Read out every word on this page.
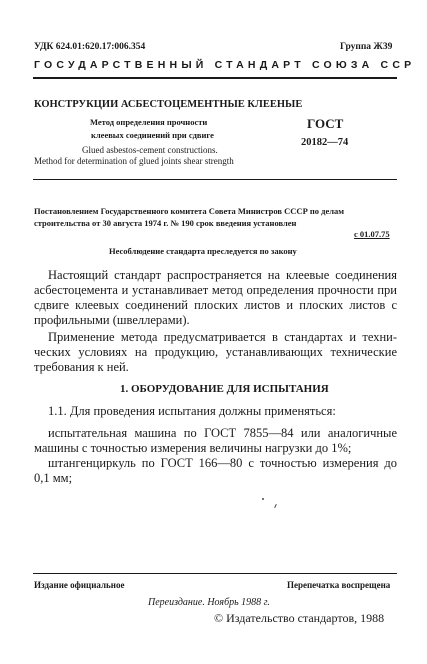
УДК 624.01:620.17:006.354	Группа Ж39
ГОСУДАРСТВЕННЫЙ СТАНДАРТ СОЮЗА ССР
КОНСТРУКЦИИ АСБЕСТОЦЕМЕНТНЫЕ КЛЕЕНЫЕ
Метод определения прочности
клеевых соединений при сдвиге
Glued asbestos-cement constructions.
Method for determination of glued joints shear strength
ГОСТ
20182—74
Постановлением Государственного комитета Совета Министров СССР по делам
строительства от 30 августа 1974 г. № 190 срок введения установлен
с 01.07.75
Несоблюдение стандарта преследуется по закону
Настоящий стандарт распространяется на клеевые соединения
асбестоцемента и устанавливает метод определения прочности при
сдвиге клеевых соединений плоских листов и плоских листов с
профильными (швеллерами).
Применение метода предусматривается в стандартах и техни-
ческих условиях на продукцию, устанавливающих технические
требования к ней.
1. ОБОРУДОВАНИЕ ДЛЯ ИСПЫТАНИЯ
1.1. Для проведения испытания должны применяться:
испытательная машина по ГОСТ 7855—84 или аналогичные
машины с точностью измерения величины нагрузки до 1%;
штангенциркуль по ГОСТ 166—80 с точностью измерения до
0,1 мм;
Издание официальное	Перепечатка воспрещена
Переиздание. Ноябрь 1988 г.
© Издательство стандартов, 1988
